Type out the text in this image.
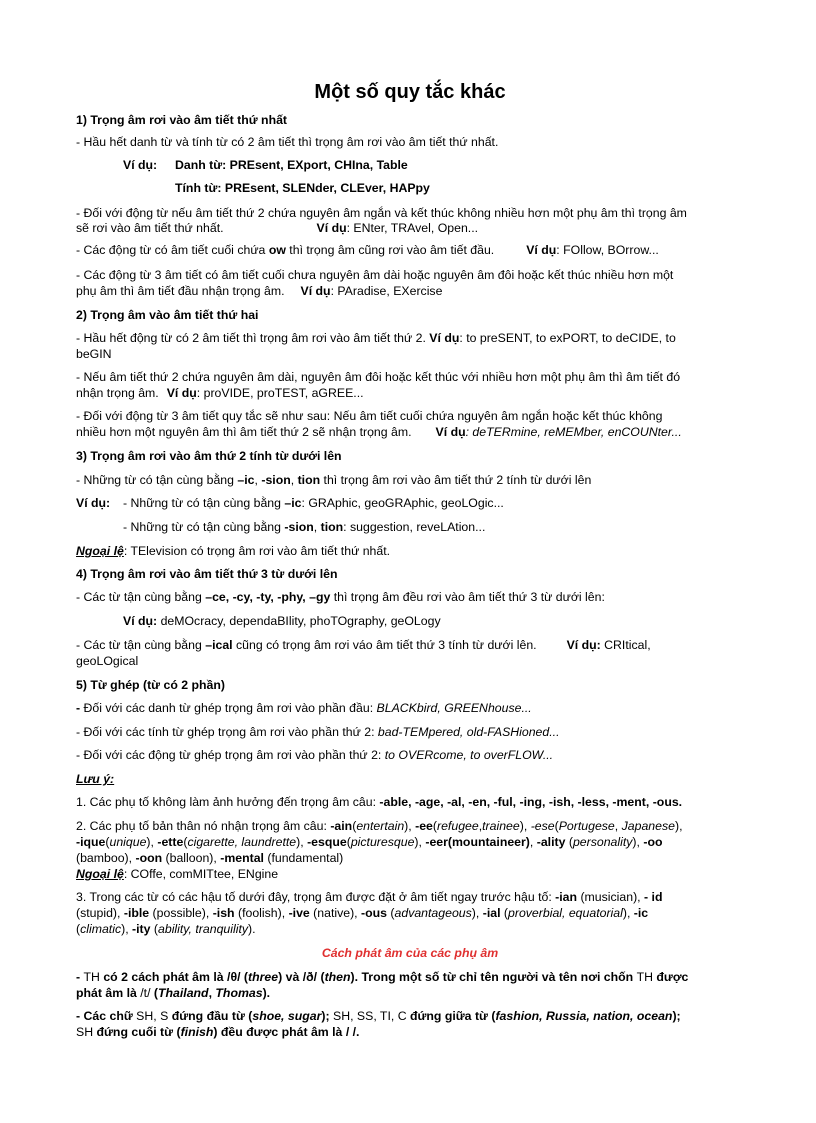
Một số quy tắc khác
1) Trọng âm rơi vào âm tiết thứ nhất
- Hầu hết danh từ và tính từ có 2 âm tiết thì trọng âm rơi vào âm tiết thứ nhất.
Ví dụ: Danh từ: PREsent, EXport, CHIna, Table
Tính từ: PREsent, SLENder, CLEver, HAPpy
- Đối với động từ nếu âm tiết thứ 2 chứa nguyên âm ngắn và kết thúc không nhiều hơn một phụ âm thì trọng âm
sẽ rơi vào âm tiết thứ nhất.	Ví dụ: ENter, TRAvel, Open...
- Các động từ có âm tiết cuối chứa ow thì trọng âm cũng rơi vào âm tiết đầu.	Ví dụ: FOllow, BOrrow...
- Các động từ 3 âm tiết có âm tiết cuối chưa nguyên âm dài hoặc nguyên âm đôi hoặc kết thúc nhiều hơn một
phụ âm thì âm tiết đầu nhận trọng âm. Ví dụ: PAradise, EXercise
2) Trọng âm vào âm tiết thứ hai
- Hầu hết động từ có 2 âm tiết thì trọng âm rơi vào âm tiết thứ 2. Ví dụ: to preSENT, to exPORT, to deCIDE, to
beGIN
- Nếu âm tiết thứ 2 chứa nguyên âm dài, nguyên âm đôi hoặc kết thúc với nhiều hơn một phụ âm thì âm tiết đó
nhận trọng âm. Ví dụ: proVIDE, proTEST, aGREE...
- Đối với động từ 3 âm tiết quy tắc sẽ như sau: Nếu âm tiết cuối chứa nguyên âm ngắn hoặc kết thúc không
nhiều hơn một nguyên âm thì âm tiết thứ 2 sẽ nhận trọng âm. Ví dụ: deTERmine, reMEMber, enCOUNter...
3) Trọng âm rơi vào âm thứ 2 tính từ dưới lên
- Những từ có tận cùng bằng –ic, -sion, tion thì trọng âm rơi vào âm tiết thứ 2 tính từ dưới lên
Ví dụ: - Những từ có tận cùng bằng –ic: GRAphic, geoGRAphic, geoLOgic...
- Những từ có tận cùng bằng -sion, tion: suggestion, reveLAtion...
Ngoại lệ: TElevision có trọng âm rơi vào âm tiết thứ nhất.
4) Trọng âm rơi vào âm tiết thứ 3 từ dưới lên
- Các từ tận cùng bằng –ce, -cy, -ty, -phy, –gy thì trọng âm đều rơi vào âm tiết thứ 3 từ dưới lên:
Ví dụ: deMOcracy, dependaBIlity, phoTOgraphy, geOLogy
- Các từ tận cùng bằng –ical cũng có trọng âm rơi váo âm tiết thứ 3 tính từ dưới lên. Ví dụ: CRItical,
geoLOgical
5) Từ ghép (từ có 2 phần)
- Đối với các danh từ ghép trọng âm rơi vào phần đầu: BLACKbird, GREENhouse...
- Đối với các tính từ ghép trọng âm rơi vào phần thứ 2: bad-TEMpered, old-FASHioned...
- Đối với các động từ ghép trọng âm rơi vào phần thứ 2: to OVERcome, to overFLOW...
Lưu ý:
1. Các phụ tố không làm ảnh hưởng đến trọng âm câu: -able, -age, -al, -en, -ful, -ing, -ish, -less, -ment, -ous.
2. Các phụ tố bản thân nó nhận trọng âm câu: -ain(entertain), -ee(refugee,trainee), -ese(Portugese, Japanese),
-ique(unique), -ette(cigarette, laundrette), -esque(picturesque), -eer(mountaineer), -ality (personality), -oo
(bamboo), -oon (balloon), -mental (fundamental)
Ngoại lệ: COffe, comMITtee, ENgine
3. Trong các từ có các hậu tố dưới đây, trọng âm được đặt ở âm tiết ngay trước hậu tố: -ian (musician), - id
(stupid), -ible (possible), -ish (foolish), -ive (native), -ous (advantageous), -ial (proverbial, equatorial), -ic
(climatic), -ity (ability, tranquility).
Cách phát âm của các phụ âm
- TH có 2 cách phát âm là /θ/ (three) và /ð/ (then). Trong một số từ chỉ tên người và tên nơi chốn TH được
phát âm là /t/ (Thailand, Thomas).
- Các chữ SH, S đứng đầu từ (shoe, sugar); SH, SS, TI, C đứng giữa từ (fashion, Russia, nation, ocean);
SH đứng cuối từ (finish) đều được phát âm là / /.
